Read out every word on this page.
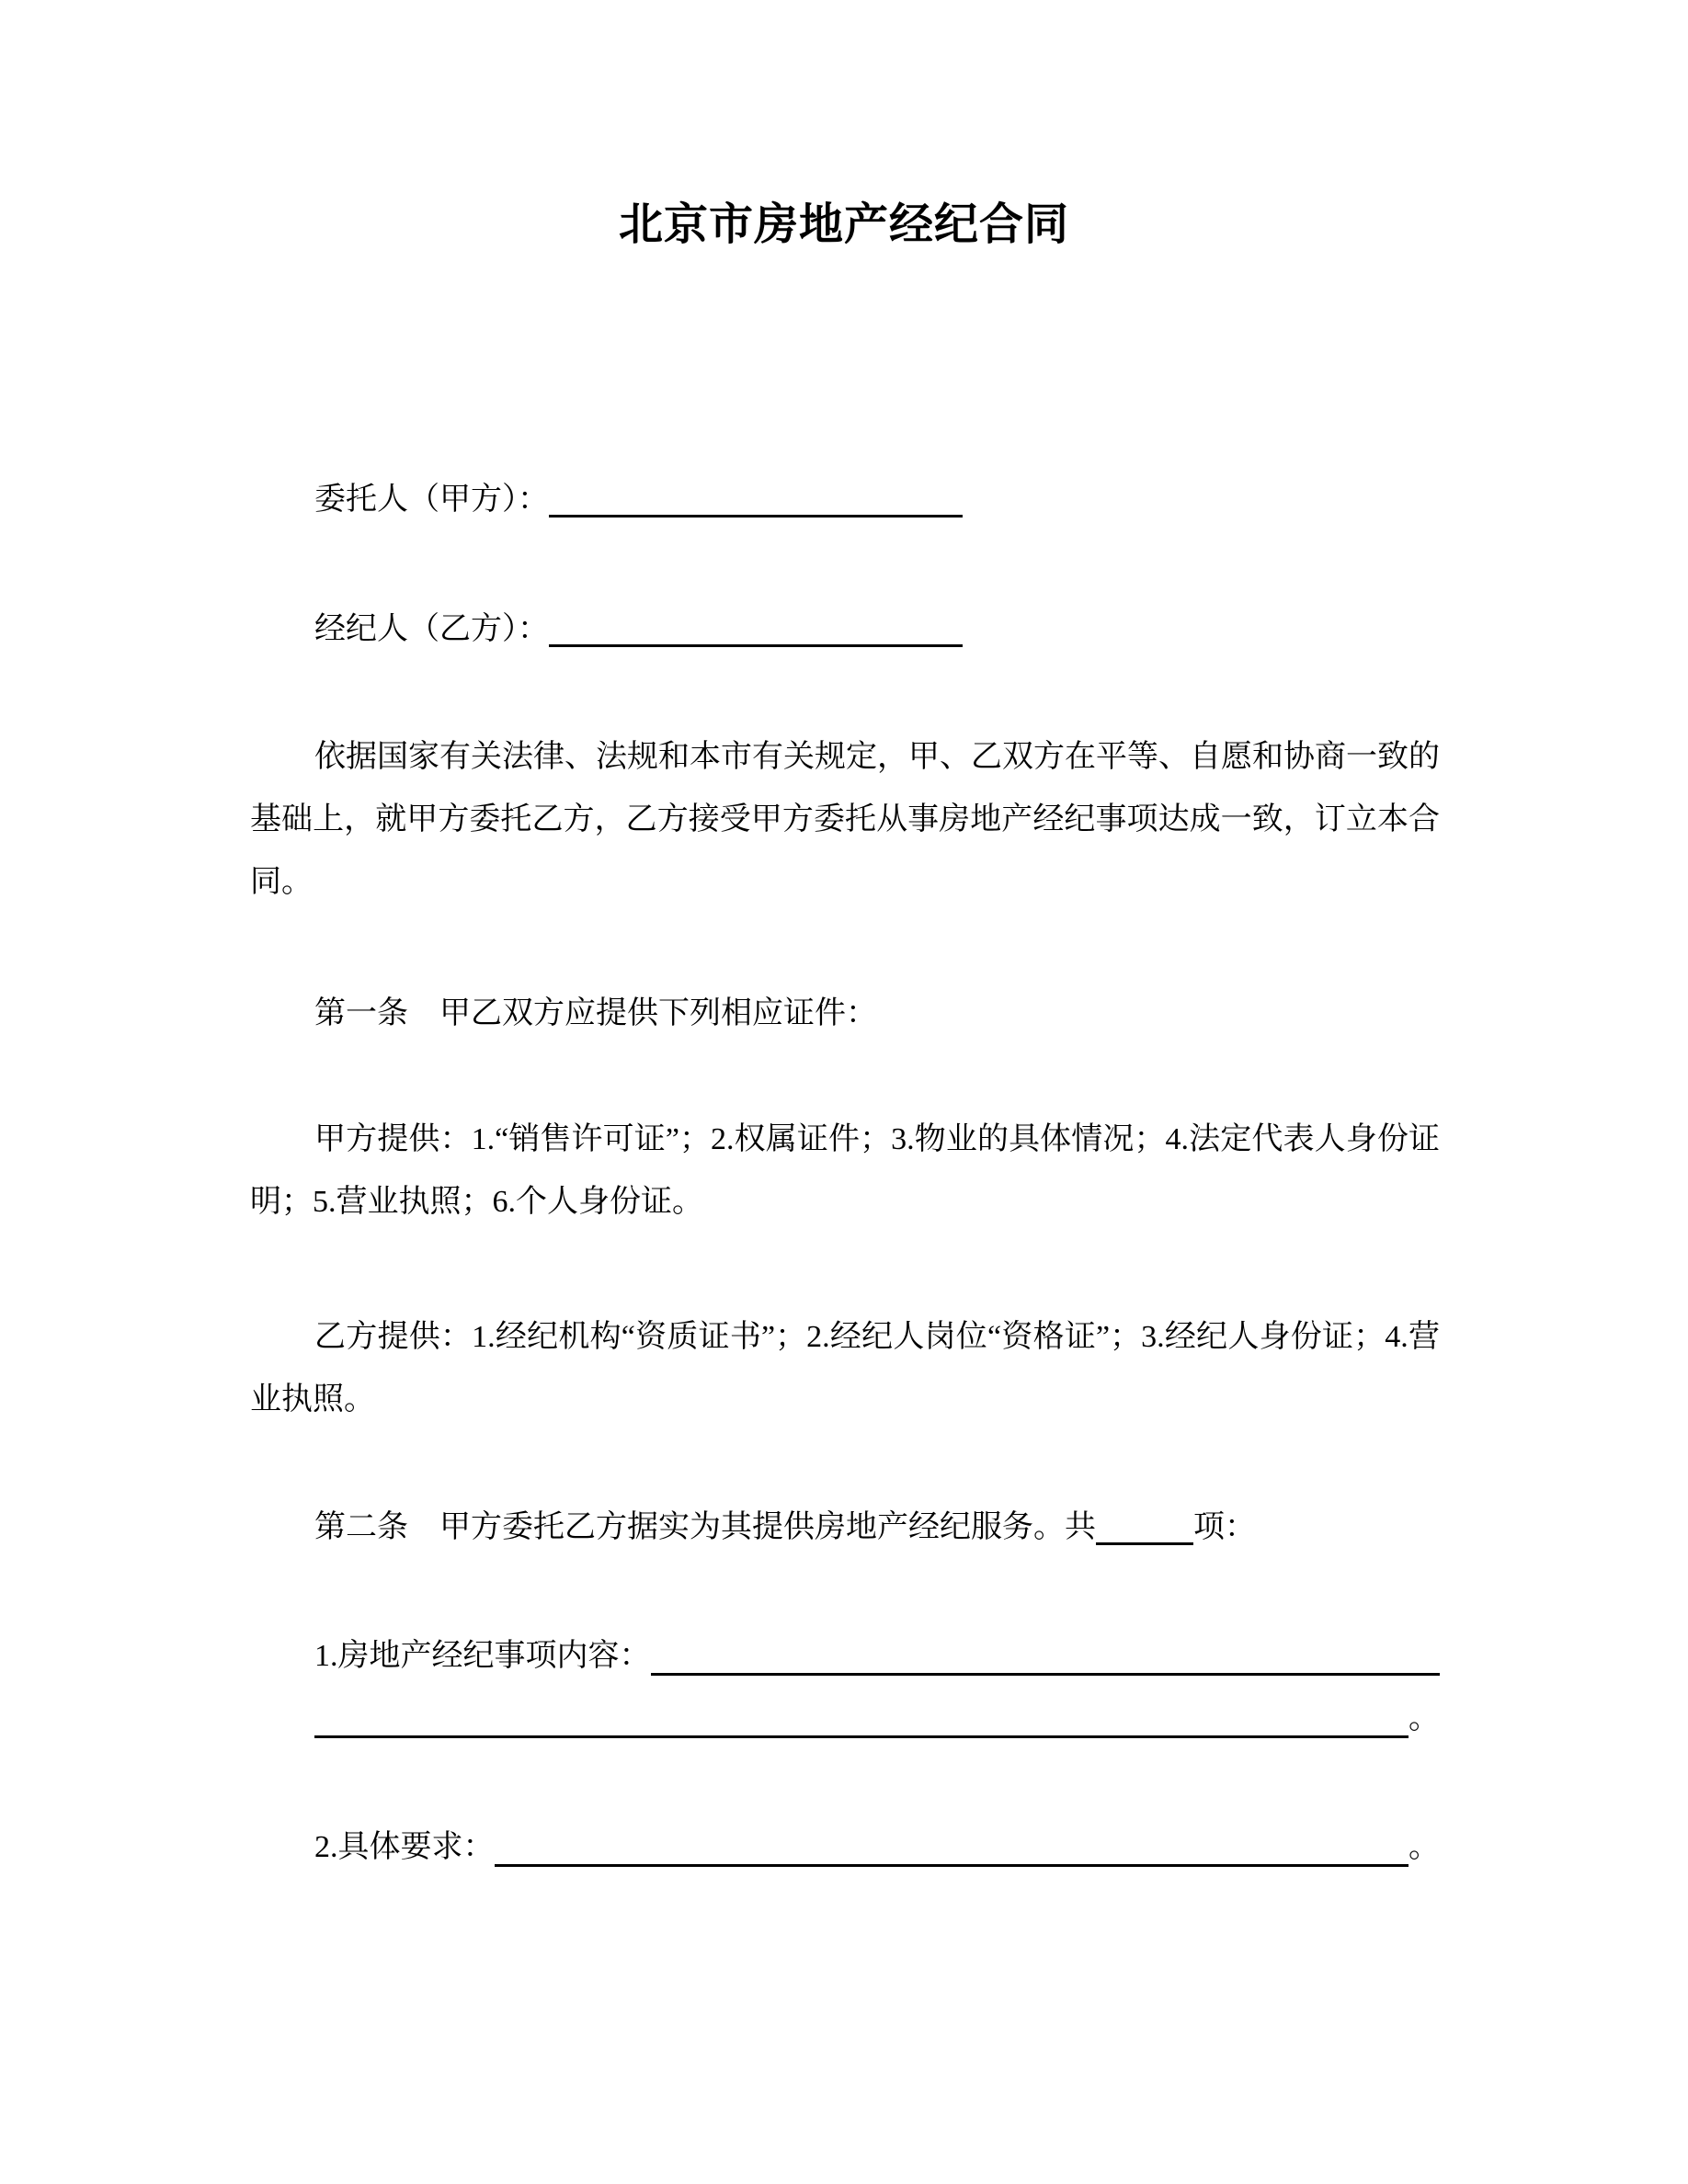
北京市房地产经纪合同
委托人（甲方）：
经纪人（乙方）：

依据国家有关法律、法规和本市有关规定，甲、乙双方在平等、自愿和协商一致的基础上，就甲方委托乙方，乙方接受甲方委托从事房地产经纪事项达成一致，订立本合同。

第一条　甲乙双方应提供下列相应证件：

甲方提供：1.“销售许可证”；2.权属证件；3.物业的具体情况；4.法定代表人身份证明；5.营业执照；6.个人身份证。

乙方提供：1.经纪机构“资质证书”；2.经纪人岗位“资格证”；3.经纪人身份证；4.营业执照。

第二条　甲方委托乙方据实为其提供房地产经纪服务。共	项：
1.房地产经纪事项内容：
。
2.具体要求：	。
